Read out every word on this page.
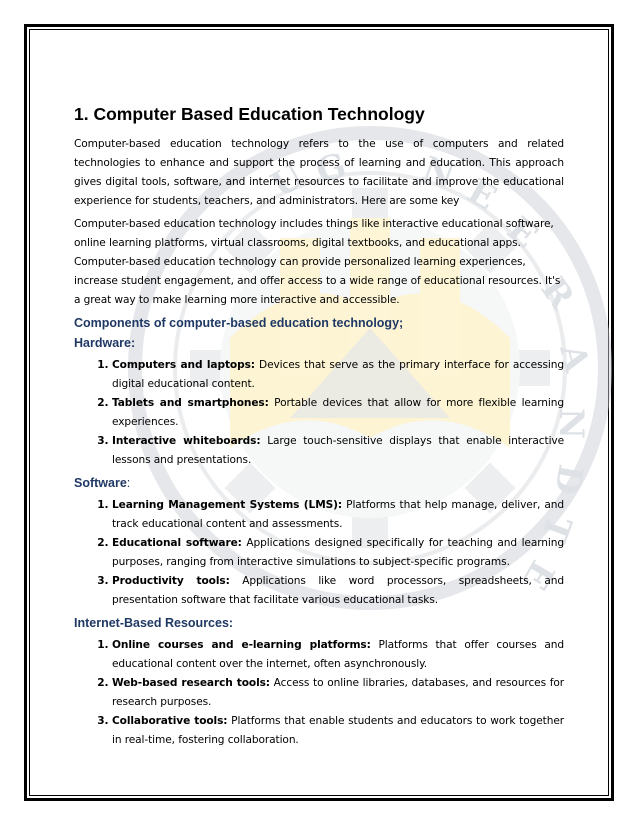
N E
E
R
A
N
D
T
E
U G
1. Computer Based Education Technology

Computer-based education technology refers to the use of computers and related technologies to enhance and support the process of learning and education. This approach gives digital tools, software, and internet resources to facilitate and improve the educational experience for students, teachers, and administrators. Here are some key

Computer-based education technology includes things like interactive educational software, online learning platforms, virtual classrooms, digital textbooks, and educational apps. Computer-based education technology can provide personalized learning experiences, increase student engagement, and offer access to a wide range of educational resources. It's a great way to make learning more interactive and accessible.

Components of computer-based education technology;
Hardware:
1. Computers and laptops: Devices that serve as the primary interface for accessing digital educational content.
2. Tablets and smartphones: Portable devices that allow for more flexible learning experiences.
3. Interactive whiteboards: Large touch-sensitive displays that enable interactive lessons and presentations.
Software:
1. Learning Management Systems (LMS): Platforms that help manage, deliver, and track educational content and assessments.
2. Educational software: Applications designed specifically for teaching and learning purposes, ranging from interactive simulations to subject-specific programs.
3. Productivity tools: Applications like word processors, spreadsheets, and presentation software that facilitate various educational tasks.
Internet-Based Resources:
1. Online courses and e-learning platforms: Platforms that offer courses and educational content over the internet, often asynchronously.
2. Web-based research tools: Access to online libraries, databases, and resources for research purposes.
3. Collaborative tools: Platforms that enable students and educators to work together in real-time, fostering collaboration.
